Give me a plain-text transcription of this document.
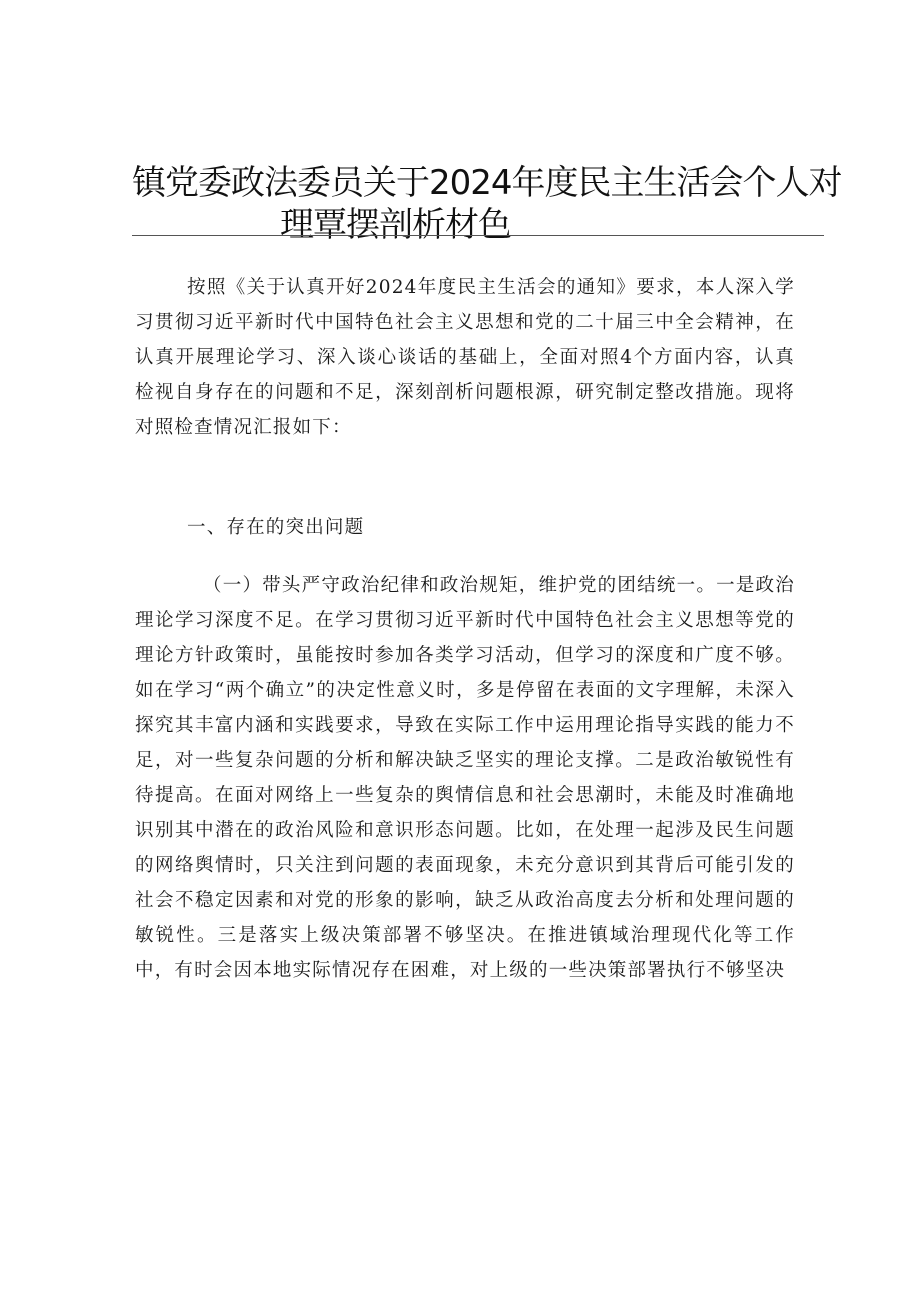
镇党委政法委员关于2024年度民主生活会个人对
理覃摆剖析材色

按照《关于认真开好2024年度民主生活会的通知》要求，本人深入学习贯彻习近平新时代中国特色社会主义思想和党的二十届三中全会精神，在认真开展理论学习、深入谈心谈话的基础上，全面对照4个方面内容，认真检视自身存在的问题和不足，深刻剖析问题根源，研究制定整改措施。现将对照检查情况汇报如下：

一、存在的突出问题

（一）带头严守政治纪律和政治规矩，维护党的团结统一。一是政治理论学习深度不足。在学习贯彻习近平新时代中国特色社会主义思想等党的理论方针政策时，虽能按时参加各类学习活动，但学习的深度和广度不够。如在学习“两个确立”的决定性意义时，多是停留在表面的文字理解，未深入探究其丰富内涵和实践要求，导致在实际工作中运用理论指导实践的能力不足，对一些复杂问题的分析和解决缺乏坚实的理论支撑。二是政治敏锐性有待提高。在面对网络上一些复杂的舆情信息和社会思潮时，未能及时准确地识别其中潜在的政治风险和意识形态问题。比如，在处理一起涉及民生问题的网络舆情时，只关注到问题的表面现象，未充分意识到其背后可能引发的社会不稳定因素和对党的形象的影响，缺乏从政治高度去分析和处理问题的敏锐性。三是落实上级决策部署不够坚决。在推进镇域治理现代化等工作中，有时会因本地实际情况存在困难，对上级的一些决策部署执行不够坚决
